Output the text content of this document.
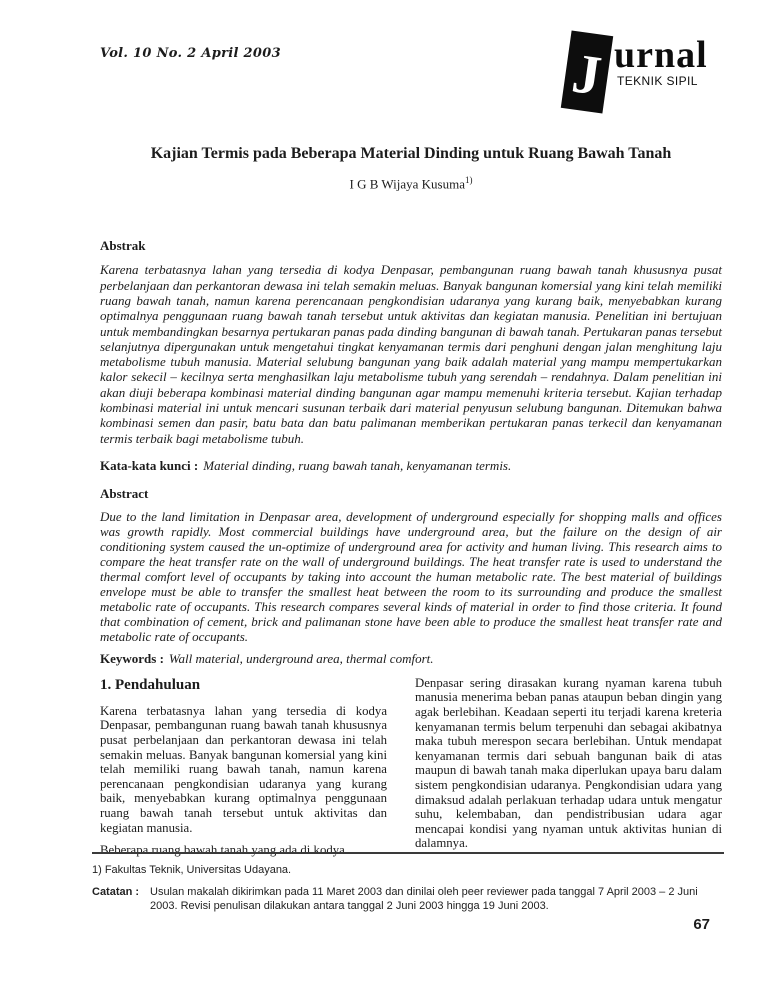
Vol. 10 No. 2 April 2003	J urnal
TEKNIK SIPIL
Kajian Termis pada Beberapa Material Dinding untuk Ruang Bawah Tanah
I G B Wijaya Kusuma$^{1)}$
Abstrak
Karena terbatasnya lahan yang tersedia di kodya Denpasar, pembangunan ruang bawah tanah khususnya pusat perbelanjaan dan perkantoran dewasa ini telah semakin meluas. Banyak bangunan komersial yang kini telah memiliki ruang bawah tanah, namun karena perencanaan pengkondisian udaranya yang kurang baik, menyebabkan kurang optimalnya penggunaan ruang bawah tanah tersebut untuk aktivitas dan kegiatan manusia. Penelitian ini bertujuan untuk membandingkan besarnya pertukaran panas pada dinding bangunan di bawah tanah. Pertukaran panas tersebut selanjutnya dipergunakan untuk mengetahui tingkat kenyamanan termis dari penghuni dengan jalan menghitung laju metabolisme tubuh manusia. Material selubung bangunan yang baik adalah material yang mampu mempertukarkan kalor sekecil – kecilnya serta menghasilkan laju metabolisme tubuh yang serendah – rendahnya. Dalam penelitian ini akan diuji beberapa kombinasi material dinding bangunan agar mampu memenuhi kriteria tersebut. Kajian terhadap kombinasi material ini untuk mencari susunan terbaik dari material penyusun selubung bangunan. Ditemukan bahwa kombinasi semen dan pasir, batu bata dan batu palimanan memberikan pertukaran panas terkecil dan kenyamanan termis terbaik bagi metabolisme tubuh.
Kata-kata kunci : Material dinding, ruang bawah tanah, kenyamanan termis.
Abstract
Due to the land limitation in Denpasar area, development of underground especially for shopping malls and offices was growth rapidly. Most commercial buildings have underground area, but the failure on the design of air conditioning system caused the un-optimize of underground area for activity and human living. This research aims to compare the heat transfer rate on the wall of underground buildings. The heat transfer rate is used to understand the thermal comfort level of occupants by taking into account the human metabolic rate. The best material of buildings envelope must be able to transfer the smallest heat between the room to its surrounding and produce the smallest metabolic rate of occupants. This research compares several kinds of material in order to find those criteria. It found that combination of cement, brick and palimanan stone have been able to produce the smallest heat transfer rate and metabolic rate of occupants.
Keywords : Wall material, underground area, thermal comfort.
1. Pendahuluan

Karena terbatasnya lahan yang tersedia di kodya Denpasar, pembangunan ruang bawah tanah khususnya pusat perbelanjaan dan perkantoran dewasa ini telah semakin meluas. Banyak bangunan komersial yang kini telah memiliki ruang bawah tanah, namun karena perencanaan pengkondisian udaranya yang kurang baik, menyebabkan kurang optimalnya penggunaan ruang bawah tanah tersebut untuk aktivitas dan kegiatan manusia.

Beberapa ruang bawah tanah yang ada di kodya

Denpasar sering dirasakan kurang nyaman karena tubuh manusia menerima beban panas ataupun beban dingin yang agak berlebihan. Keadaan seperti itu terjadi karena kreteria kenyamanan termis belum terpenuhi dan sebagai akibatnya maka tubuh merespon secara berlebihan. Untuk mendapat kenyamanan termis dari sebuah bangunan baik di atas maupun di bawah tanah maka diperlukan upaya baru dalam sistem pengkondisian udaranya. Pengkondisian udara yang dimaksud adalah perlakuan terhadap udara untuk mengatur suhu, kelembaban, dan pendistribusian udara agar mencapai kondisi yang nyaman untuk aktivitas hunian di dalamnya.

1) Fakultas Teknik, Universitas Udayana.
Catatan : Usulan makalah dikirimkan pada 11 Maret 2003 dan dinilai oleh peer reviewer pada tanggal 7 April 2003 – 2 Juni 2003. Revisi penulisan dilakukan antara tanggal 2 Juni 2003 hingga 19 Juni 2003.
67
